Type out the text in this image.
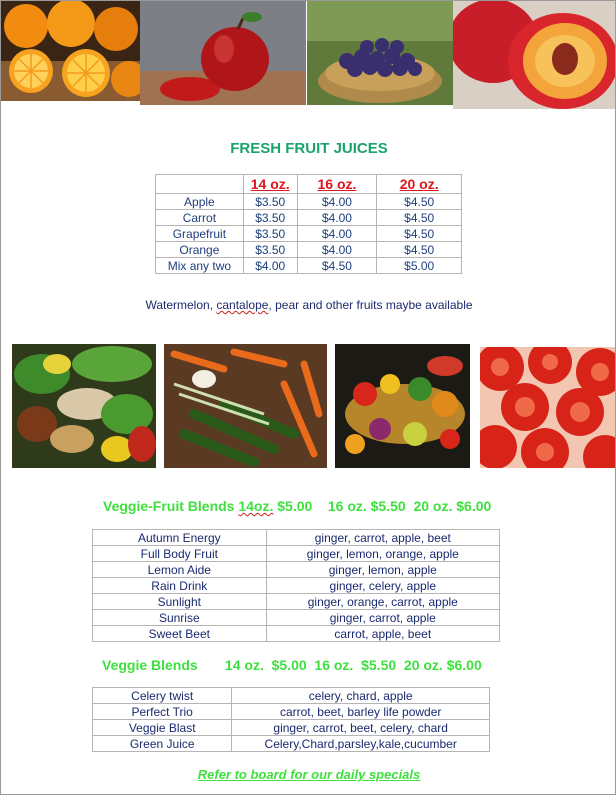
FRESH FRUIT JUICES
	14 oz.	16 oz.	20 oz.
Apple	$3.50	$4.00	$4.50
Carrot	$3.50	$4.00	$4.50
Grapefruit	$3.50	$4.00	$4.50
Orange	$3.50	$4.00	$4.50
Mix any two	$4.00	$4.50	$5.00
Watermelon, cantalope, pear and other fruits maybe available
Veggie-Fruit Blends 14oz. $5.00    16 oz. $5.50  20 oz. $6.00
Autumn Energy	ginger, carrot, apple, beet
Full Body Fruit	ginger, lemon, orange, apple
Lemon Aide	ginger, lemon, apple
Rain Drink	ginger, celery, apple
Sunlight	ginger, orange, carrot, apple
Sunrise	ginger, carrot, apple
Sweet Beet	carrot, apple, beet
Veggie Blends       14 oz.  $5.00  16 oz.  $5.50  20 oz. $6.00
Celery twist	celery, chard, apple
Perfect Trio	carrot, beet, barley life powder
Veggie Blast	ginger, carrot, beet, celery, chard
Green Juice	Celery,Chard,parsley,kale,cucumber
Refer to board for our daily specials
